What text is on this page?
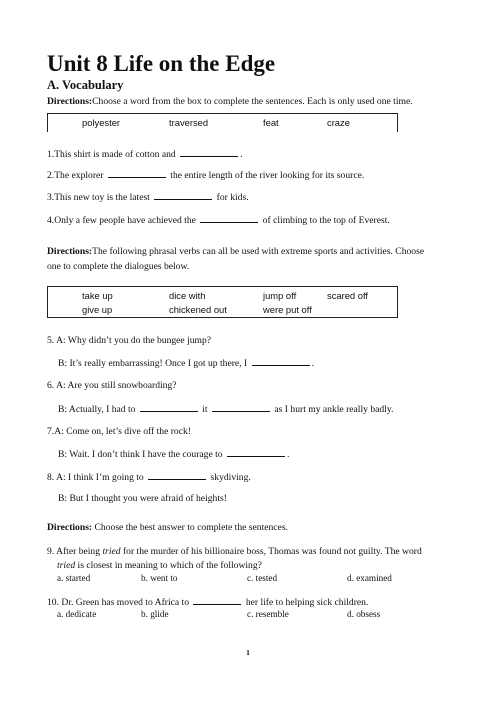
Unit 8 Life on the Edge
A. Vocabulary
Directions:Choose a word from the box to complete the sentences. Each is only used one time.
polyester	traversed	feat	craze
1.This shirt is made of cotton and	.
2.The explorer	the entire length of the river looking for its source.
3.This new toy is the latest	for kids.
4.Only a few people have achieved the	of climbing to the top of Everest.
Directions:The following phrasal verbs can all be used with extreme sports and activities. Choose
one to complete the dialogues below.
take up	dice with	jump off	scared off
give up	chickened out	were put off
5. A: Why didn’t you do the bungee jump?
B: It’s really embarrassing! Once I got up there, I	.
6. A: Are you still snowboarding?
B: Actually, I had to	it	as I hurt my ankle really badly.
7.A: Come on, let’s dive off the rock!
B: Wait. I don’t think I have the courage to	.
8. A: I think I’m going to	skydiving.
B: But I thought you were afraid of heights!
Directions: Choose the best answer to complete the sentences.
9. After being tried for the murder of his billionaire boss, Thomas was found not guilty. The word
tried is closest in meaning to which of the following?
a. started	b. went to	c. tested	d. examined
10. Dr. Green has moved to Africa to	her life to helping sick children.
a. dedicate	b. glide	c. resemble	d. obsess
1
